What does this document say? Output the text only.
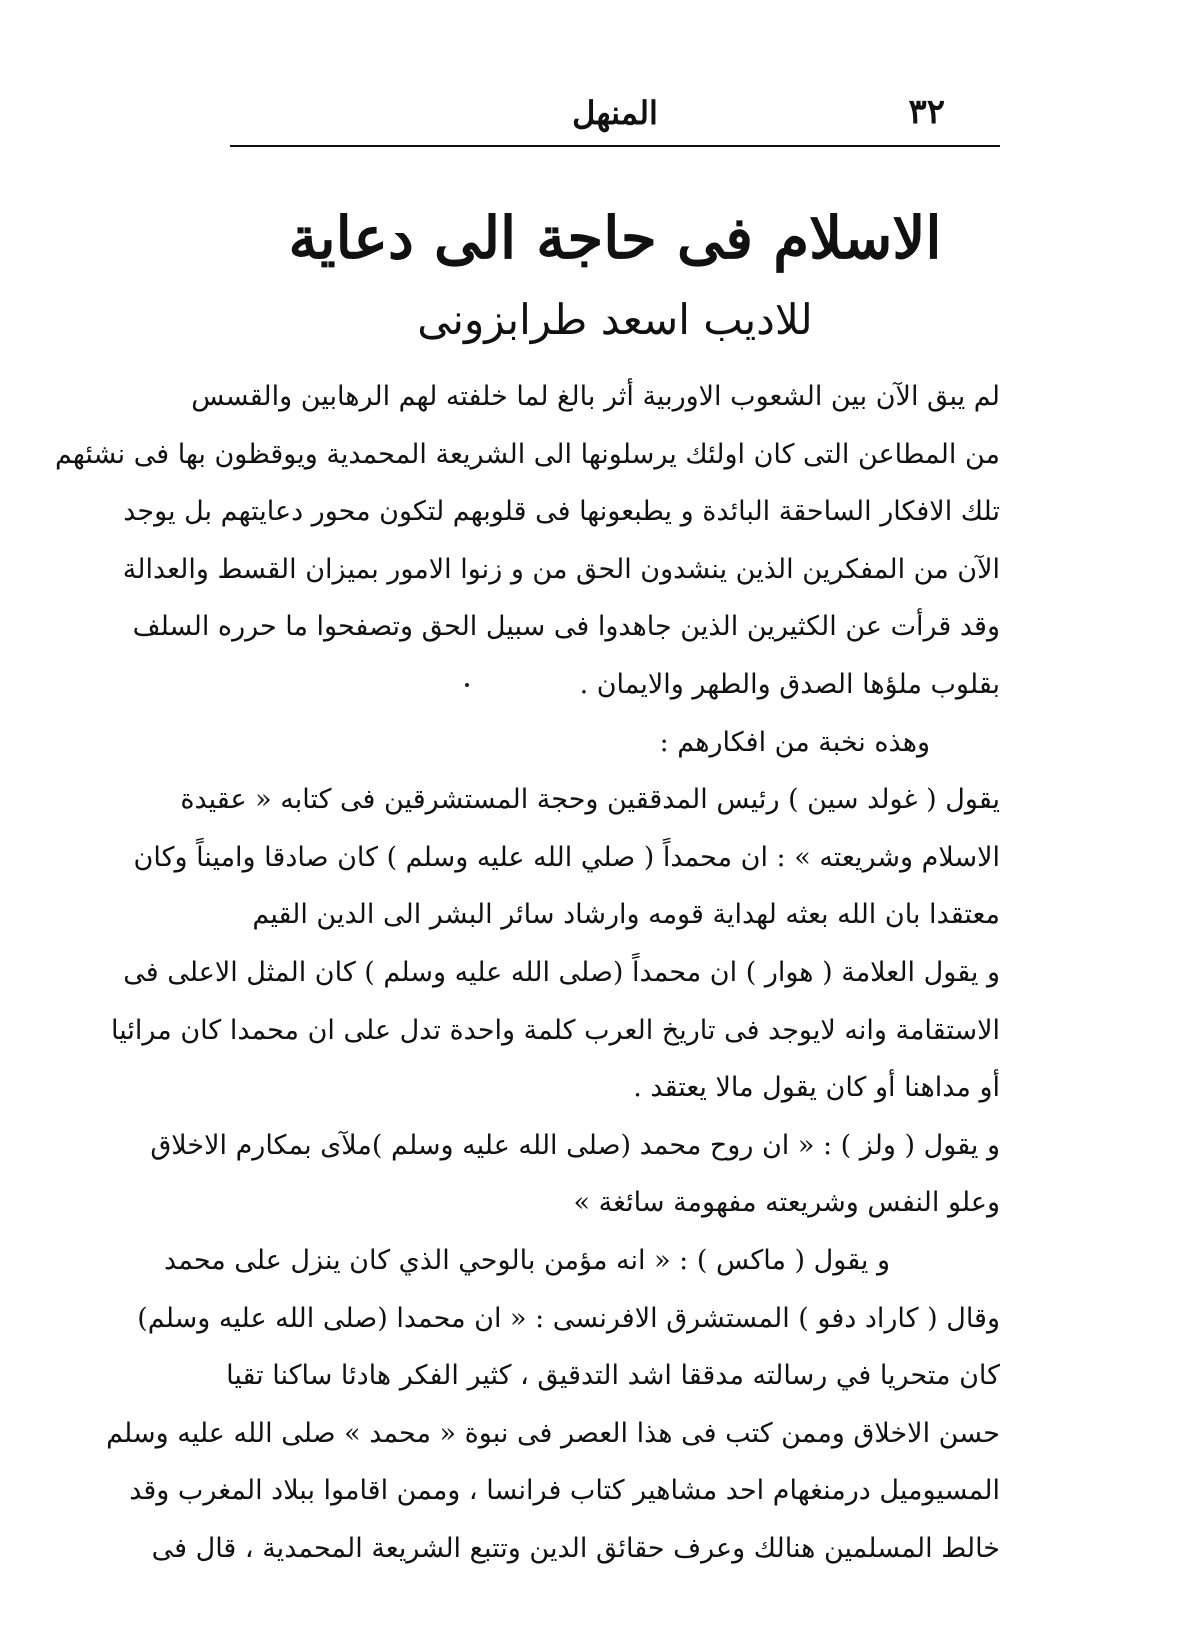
٣٢
المنهل
الاسلام فى حاجة الى دعاية
للاديب اسعد طرابزونى
لم يبق الآن بين الشعوب الاوربية أثر بالغ لما خلفته لهم الرهابين والقسس
من المطاعن التى كان اولئك يرسلونها الى الشريعة المحمدية ويوقظون بها فى نشئهم
تلك الافكار الساحقة البائدة و يطبعونها فى قلوبهم لتكون محور دعايتهم بل يوجد
الآن من المفكرين الذين ينشدون الحق من و زنوا الامور بميزان القسط والعدالة
وقد قرأت عن الكثيرين الذين جاهدوا فى سبيل الحق وتصفحوا ما حرره السلف
بقلوب ملؤها الصدق والطهر والايمان .
وهذه نخبة من افكارهم :
يقول ( غولد سين ) رئيس المدققين وحجة المستشرقين فى كتابه « عقيدة
الاسلام وشريعته » : ان محمداً ( صلي الله عليه وسلم ) كان صادقا واميناً وكان
معتقدا بان الله بعثه لهداية قومه وارشاد سائر البشر الى الدين القيم
و يقول العلامة ( هوار ) ان محمداً (صلى الله عليه وسلم ) كان المثل الاعلى فى
الاستقامة وانه لايوجد فى تاريخ العرب كلمة واحدة تدل على ان محمدا كان مرائيا
أو مداهنا أو كان يقول مالا يعتقد .
و يقول ( ولز ) : « ان روح محمد (صلى الله عليه وسلم )ملآى بمكارم الاخلاق
وعلو النفس وشريعته مفهومة سائغة »
و يقول ( ماكس ) : « انه مؤمن بالوحي الذي كان ينزل على محمد
وقال ( كاراد دفو ) المستشرق الافرنسى : « ان محمدا (صلى الله عليه وسلم)
كان متحريا في رسالته مدققا اشد التدقيق ، كثير الفكر هادئا ساكنا تقيا
حسن الاخلاق وممن كتب فى هذا العصر فى نبوة « محمد » صلى الله عليه وسلم
المسيوميل درمنغهام احد مشاهير كتاب فرانسا ، وممن اقاموا ببلاد المغرب وقد
خالط المسلمين هنالك وعرف حقائق الدين وتتبع الشريعة المحمدية ، قال فى
